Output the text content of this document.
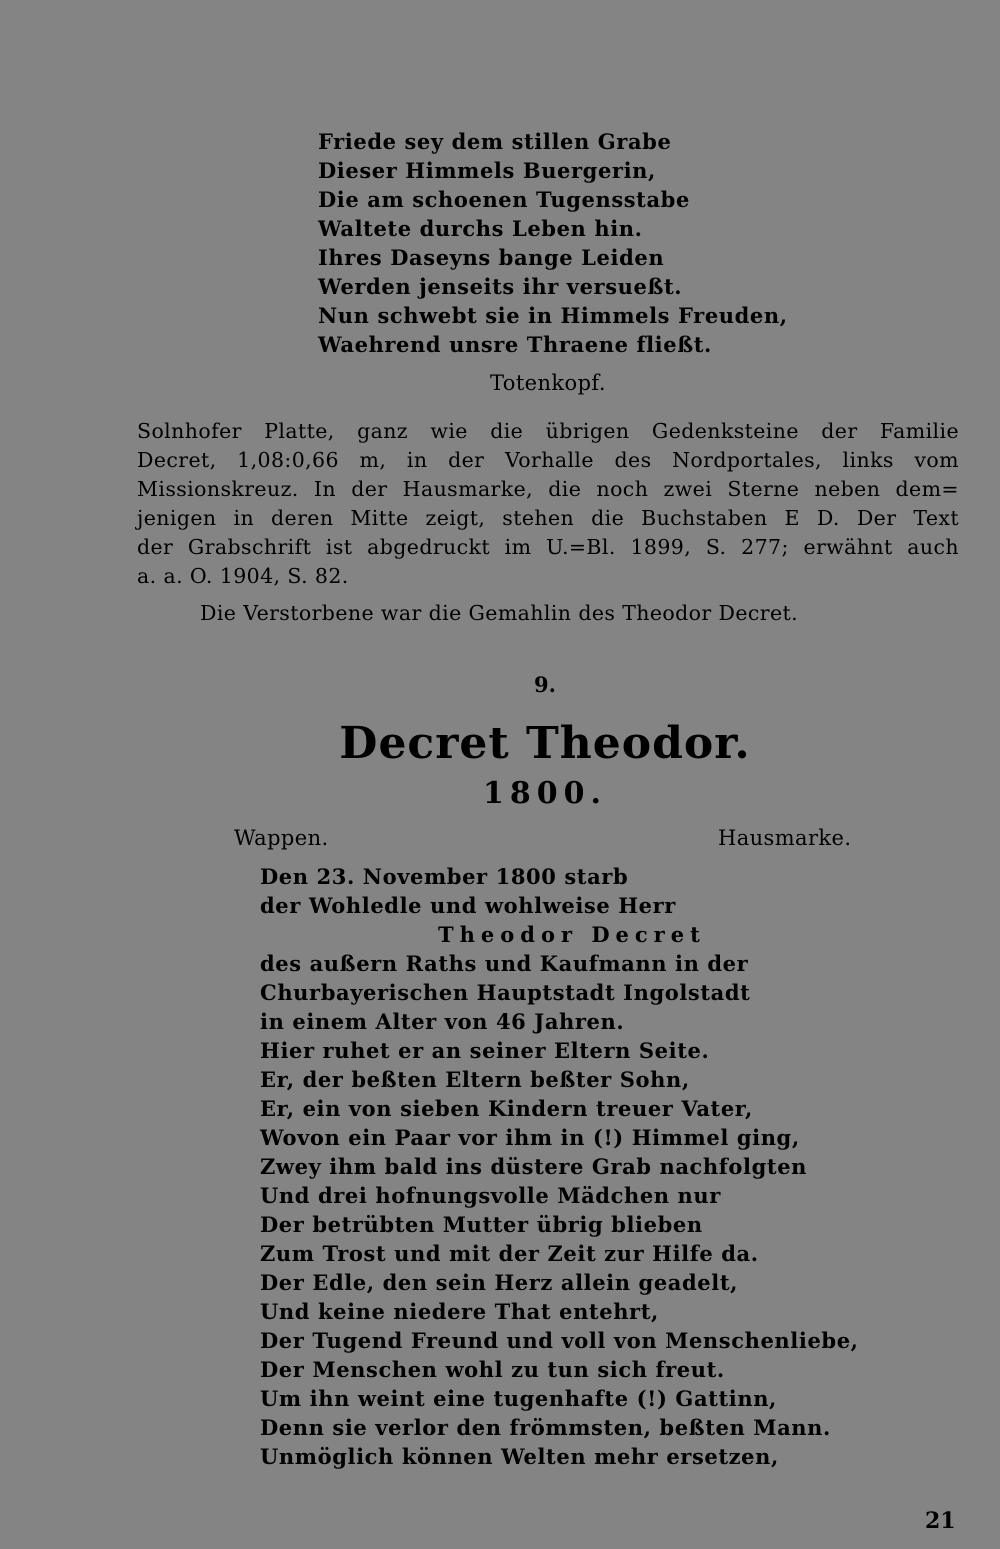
Friede sey dem stillen Grabe
Dieser Himmels Buergerin,
Die am schoenen Tugensstabe
Waltete durchs Leben hin.
Ihres Daseyns bange Leiden
Werden jenseits ihr versueßt.
Nun schwebt sie in Himmels Freuden,
Waehrend unsre Thraene fließt.
Totenkopf.
Solnhofer Platte, ganz wie die übrigen Gedenksteine der Familie
Decret, 1,08:0,66 m, in der Vorhalle des Nordportales, links vom
Missionskreuz. In der Hausmarke, die noch zwei Sterne neben dem=
jenigen in deren Mitte zeigt, stehen die Buchstaben E D. Der Text
der Grabschrift ist abgedruckt im U.=Bl. 1899, S. 277; erwähnt auch
a. a. O. 1904, S. 82.
Die Verstorbene war die Gemahlin des Theodor Decret.
9.
Decret Theodor.
1800.
Wappen.	Hausmarke.
Den 23. November 1800 starb
der Wohledle und wohlweise Herr
Theodor Decret
des außern Raths und Kaufmann in der
Churbayerischen Hauptstadt Ingolstadt
in einem Alter von 46 Jahren.
Hier ruhet er an seiner Eltern Seite.
Er, der beßten Eltern beßter Sohn,
Er, ein von sieben Kindern treuer Vater,
Wovon ein Paar vor ihm in (!) Himmel ging,
Zwey ihm bald ins düstere Grab nachfolgten
Und drei hofnungsvolle Mädchen nur
Der betrübten Mutter übrig blieben
Zum Trost und mit der Zeit zur Hilfe da.
Der Edle, den sein Herz allein geadelt,
Und keine niedere That entehrt,
Der Tugend Freund und voll von Menschenliebe,
Der Menschen wohl zu tun sich freut.
Um ihn weint eine tugenhafte (!) Gattinn,
Denn sie verlor den frömmsten, beßten Mann.
Unmöglich können Welten mehr ersetzen,
21
